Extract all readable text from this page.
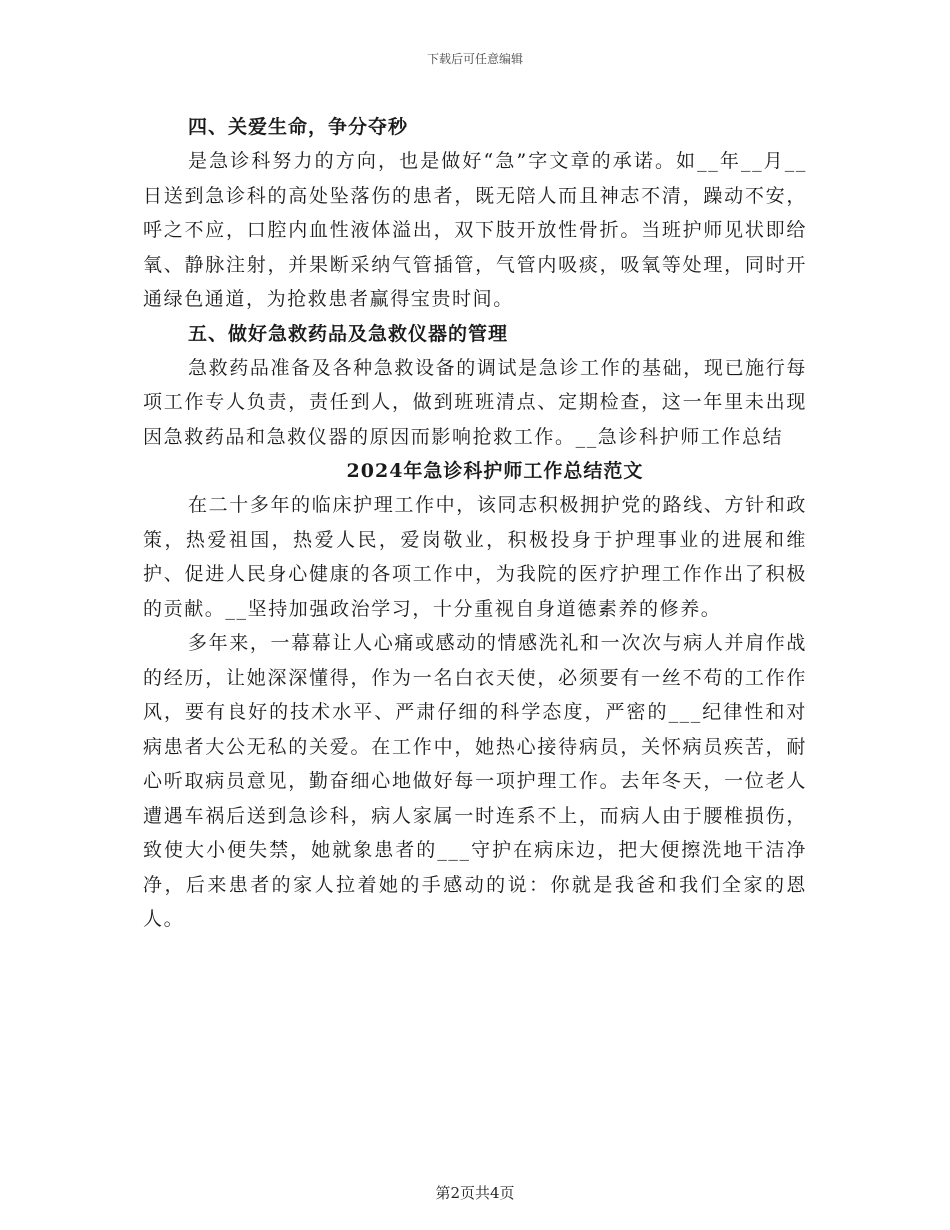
下载后可任意编辑
四、关爱生命，争分夺秒

是急诊科努力的方向，也是做好“急”字文章的承诺。如__年__月__日送到急诊科的高处坠落伤的患者，既无陪人而且神志不清，躁动不安，呼之不应，口腔内血性液体溢出，双下肢开放性骨折。当班护师见状即给氧、静脉注射，并果断采纳气管插管，气管内吸痰，吸氧等处理，同时开通绿色通道，为抢救患者赢得宝贵时间。

五、做好急救药品及急救仪器的管理

急救药品准备及各种急救设备的调试是急诊工作的基础，现已施行每项工作专人负责，责任到人，做到班班清点、定期检查，这一年里未出现因急救药品和急救仪器的原因而影响抢救工作。__急诊科护师工作总结

2024年急诊科护师工作总结范文

在二十多年的临床护理工作中，该同志积极拥护党的路线、方针和政策，热爱祖国，热爱人民，爱岗敬业，积极投身于护理事业的进展和维护、促进人民身心健康的各项工作中，为我院的医疗护理工作作出了积极的贡献。__坚持加强政治学习，十分重视自身道德素养的修养。

多年来，一幕幕让人心痛或感动的情感洗礼和一次次与病人并肩作战的经历，让她深深懂得，作为一名白衣天使，必须要有一丝不苟的工作作风，要有良好的技术水平、严肃仔细的科学态度，严密的___纪律性和对病患者大公无私的关爱。在工作中，她热心接待病员，关怀病员疾苦，耐心听取病员意见，勤奋细心地做好每一项护理工作。去年冬天，一位老人遭遇车祸后送到急诊科，病人家属一时连系不上，而病人由于腰椎损伤，致使大小便失禁，她就象患者的___守护在病床边，把大便擦洗地干洁净净，后来患者的家人拉着她的手感动的说：你就是我爸和我们全家的恩人。

第2页共4页
